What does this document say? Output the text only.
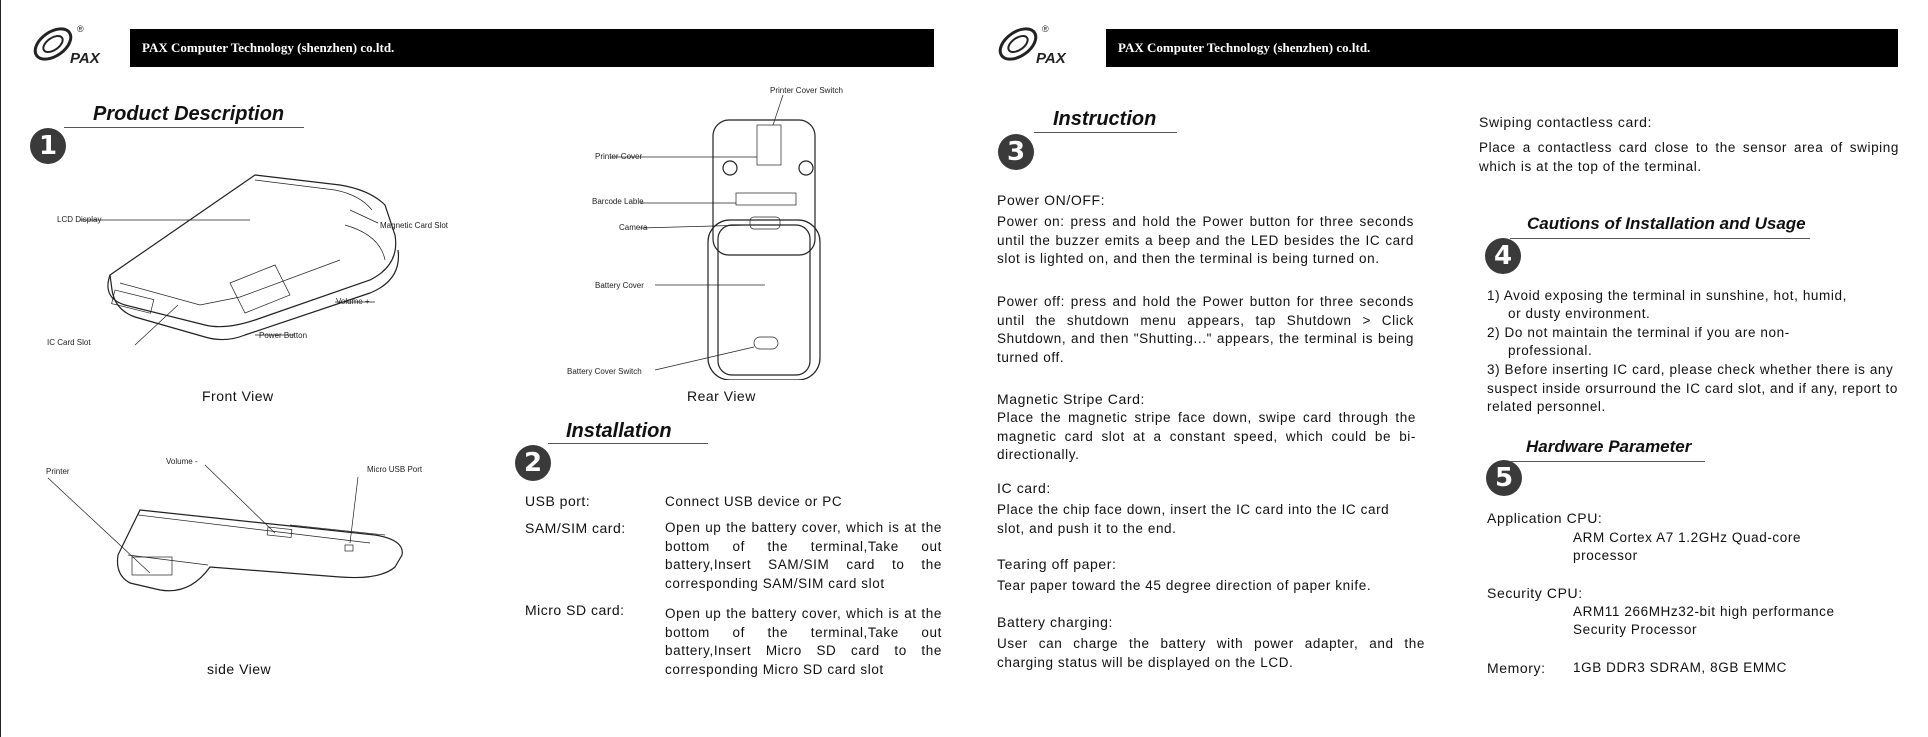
®
PAX
PAX Computer Technology (shenzhen) co.ltd.
®
PAX
PAX Computer Technology (shenzhen) co.ltd.
1
Product Description
LCD Display
Magnetic Card Slot
Volume +
Power Button
IC Card Slot
Front View
Printer
Volume -
Micro USB Port
side View
Printer Cover Switch
Printer Cover
Barcode Lable
Camera
Battery Cover
Battery Cover Switch
Rear View
2
Installation
USB port:	Connect USB device or PC
SAM/SIM card:	Open up the battery cover, which is at the bottom of the terminal,Take out battery,Insert SAM/SIM card to the corresponding SAM/SIM card slot
Micro SD card:	Open up the battery cover, which is at the bottom of the terminal,Take out battery,Insert Micro SD card to the corresponding Micro SD card slot
3
Instruction
Power ON/OFF:
Power on: press and hold the Power button for three seconds until the buzzer emits a beep and the LED besides the IC card slot is lighted on, and then the terminal is being turned on.
Power off: press and hold the Power button for three seconds until the shutdown menu appears, tap Shutdown > Click Shutdown, and then "Shutting..." appears, the terminal is being turned off.
Magnetic Stripe Card:
Place the magnetic stripe face down, swipe card through the magnetic card slot at a constant speed, which could be bi-directionally.
IC card:
Place the chip face down, insert the IC card into the IC card slot, and push it to the end.
Tearing off paper:
Tear paper toward the 45 degree direction of paper knife.
Battery charging:
User can charge the battery with power adapter, and the charging status will be displayed on the LCD.
Swiping contactless card:
Place a contactless card close to the sensor area of swiping which is at the top of the terminal.
4
Cautions of Installation and Usage
1) Avoid exposing the terminal in sunshine, hot, humid,
or dusty environment.
2) Do not maintain the terminal if you are non-
professional.
3) Before inserting IC card, please check whether there is any suspect inside orsurround the IC card slot, and if any, report to related personnel.
5
Hardware Parameter
Application CPU:
ARM Cortex A7 1.2GHz Quad-core
processor
Security CPU:
ARM11 266MHz32-bit high performance
Security Processor
Memory: 1GB DDR3 SDRAM, 8GB EMMC
